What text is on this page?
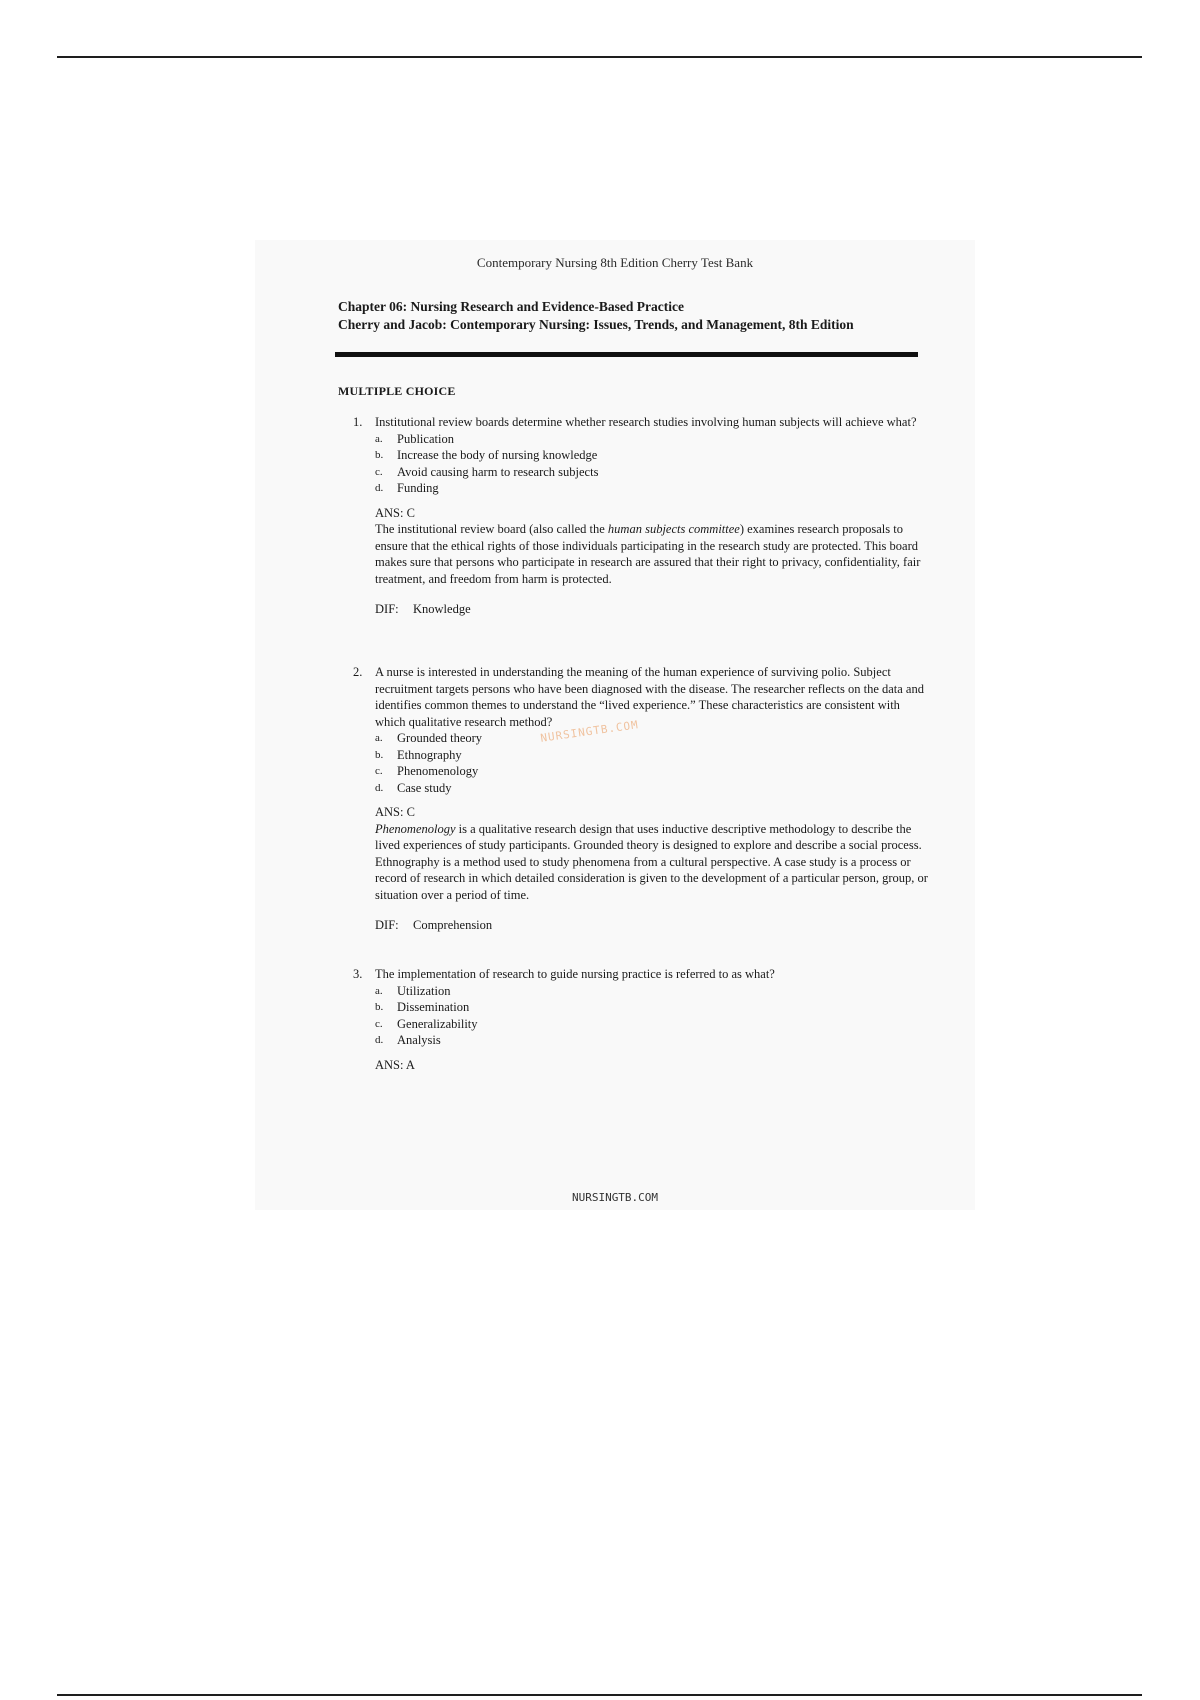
Contemporary Nursing 8th Edition Cherry Test Bank
Chapter 06: Nursing Research and Evidence-Based Practice
Cherry and Jacob: Contemporary Nursing: Issues, Trends, and Management, 8th Edition
MULTIPLE CHOICE
1. Institutional review boards determine whether research studies involving human subjects will achieve what?
a. Publication
b. Increase the body of nursing knowledge
c. Avoid causing harm to research subjects
d. Funding
ANS: C
The institutional review board (also called the human subjects committee) examines research proposals to ensure that the ethical rights of those individuals participating in the research study are protected. This board makes sure that persons who participate in research are assured that their right to privacy, confidentiality, fair treatment, and freedom from harm is protected.
DIF: Knowledge
2. A nurse is interested in understanding the meaning of the human experience of surviving polio. Subject recruitment targets persons who have been diagnosed with the disease. The researcher reflects on the data and identifies common themes to understand the “lived experience.” These characteristics are consistent with which qualitative research method?
a. Grounded theory
b. Ethnography
c. Phenomenology
d. Case study
ANS: C
Phenomenology is a qualitative research design that uses inductive descriptive methodology to describe the lived experiences of study participants. Grounded theory is designed to explore and describe a social process. Ethnography is a method used to study phenomena from a cultural perspective. A case study is a process or record of research in which detailed consideration is given to the development of a particular person, group, or situation over a period of time.
DIF: Comprehension
3. The implementation of research to guide nursing practice is referred to as what?
a. Utilization
b. Dissemination
c. Generalizability
d. Analysis
ANS: A
NURSINGTB.COM
NURSINGTB.COM
